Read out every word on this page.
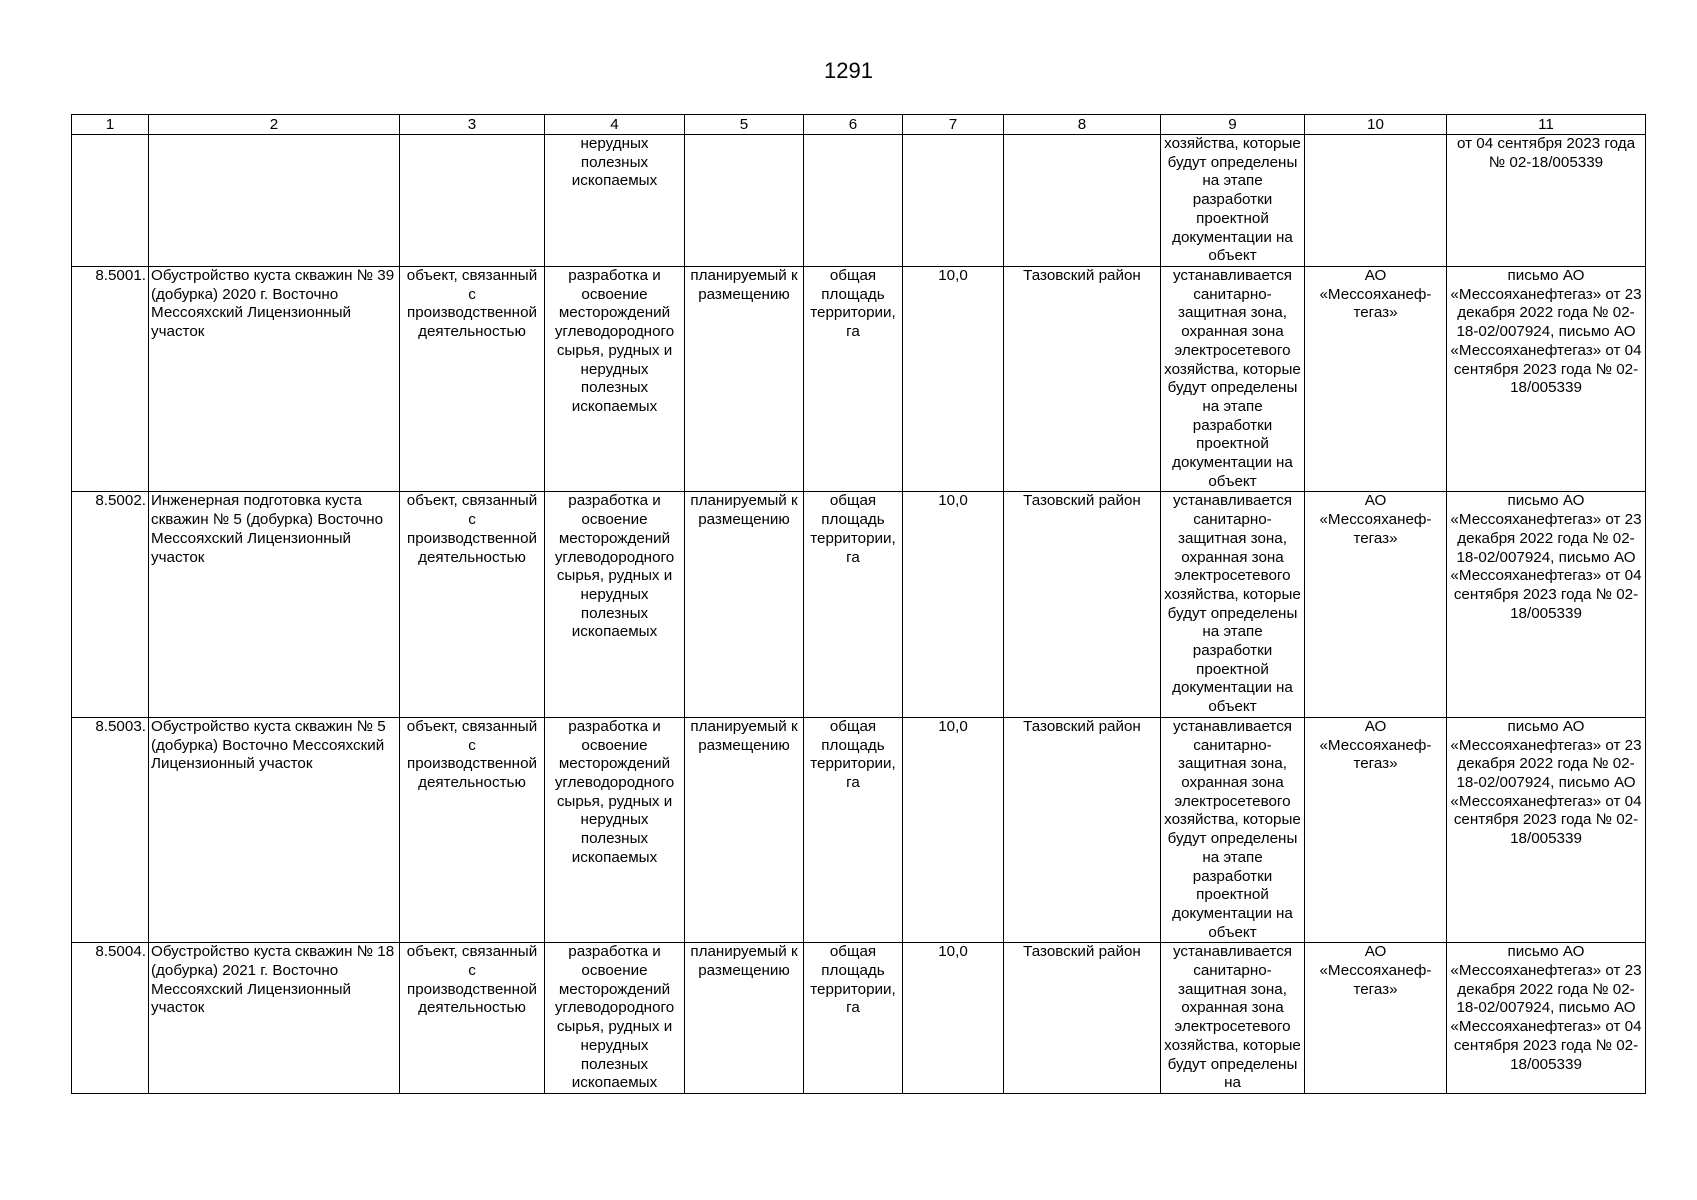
1291
1	2	3	4	5	6	7	8	9	10	11
			нерудных полезных ископаемых					хозяйства, которые будут определены на этапе разработки проектной документации на объект		от 04 сентября 2023 года № 02-18/005339
8.5001.	Обустройство куста скважин № 39 (добурка) 2020 г. Восточно Мессояхский Лицензионный участок	объект, связанный с производственной деятельностью	разработка и освоение месторождений углеводородного сырья, рудных и нерудных полезных ископаемых	планируемый к размещению	общая площадь территории, га	10,0	Тазовский район	устанавливается санитарно-защитная зона, охранная зона электросетевого хозяйства, которые будут определены на этапе разработки проектной документации на объект	АО «Мессояханеф-тегаз»	письмо АО «Мессояханефтегаз» от 23 декабря 2022 года № 02-18-02/007924, письмо АО «Мессояханефтегаз» от 04 сентября 2023 года № 02-18/005339
8.5002.	Инженерная подготовка куста скважин № 5 (добурка) Восточно Мессояхский Лицензионный участок	объект, связанный с производственной деятельностью	разработка и освоение месторождений углеводородного сырья, рудных и нерудных полезных ископаемых	планируемый к размещению	общая площадь территории, га	10,0	Тазовский район	устанавливается санитарно-защитная зона, охранная зона электросетевого хозяйства, которые будут определены на этапе разработки проектной документации на объект	АО «Мессояханеф-тегаз»	письмо АО «Мессояханефтегаз» от 23 декабря 2022 года № 02-18-02/007924, письмо АО «Мессояханефтегаз» от 04 сентября 2023 года № 02-18/005339
8.5003.	Обустройство куста скважин № 5 (добурка) Восточно Мессояхский Лицензионный участок	объект, связанный с производственной деятельностью	разработка и освоение месторождений углеводородного сырья, рудных и нерудных полезных ископаемых	планируемый к размещению	общая площадь территории, га	10,0	Тазовский район	устанавливается санитарно-защитная зона, охранная зона электросетевого хозяйства, которые будут определены на этапе разработки проектной документации на объект	АО «Мессояханеф-тегаз»	письмо АО «Мессояханефтегаз» от 23 декабря 2022 года № 02-18-02/007924, письмо АО «Мессояханефтегаз» от 04 сентября 2023 года № 02-18/005339
8.5004.	Обустройство куста скважин № 18 (добурка) 2021 г. Восточно Мессояхский Лицензионный участок	объект, связанный с производственной деятельностью	разработка и освоение месторождений углеводородного сырья, рудных и нерудных полезных ископаемых	планируемый к размещению	общая площадь территории, га	10,0	Тазовский район	устанавливается санитарно-защитная зона, охранная зона электросетевого хозяйства, которые будут определены на	АО «Мессояханеф-тегаз»	письмо АО «Мессояханефтегаз» от 23 декабря 2022 года № 02-18-02/007924, письмо АО «Мессояханефтегаз» от 04 сентября 2023 года № 02-18/005339
